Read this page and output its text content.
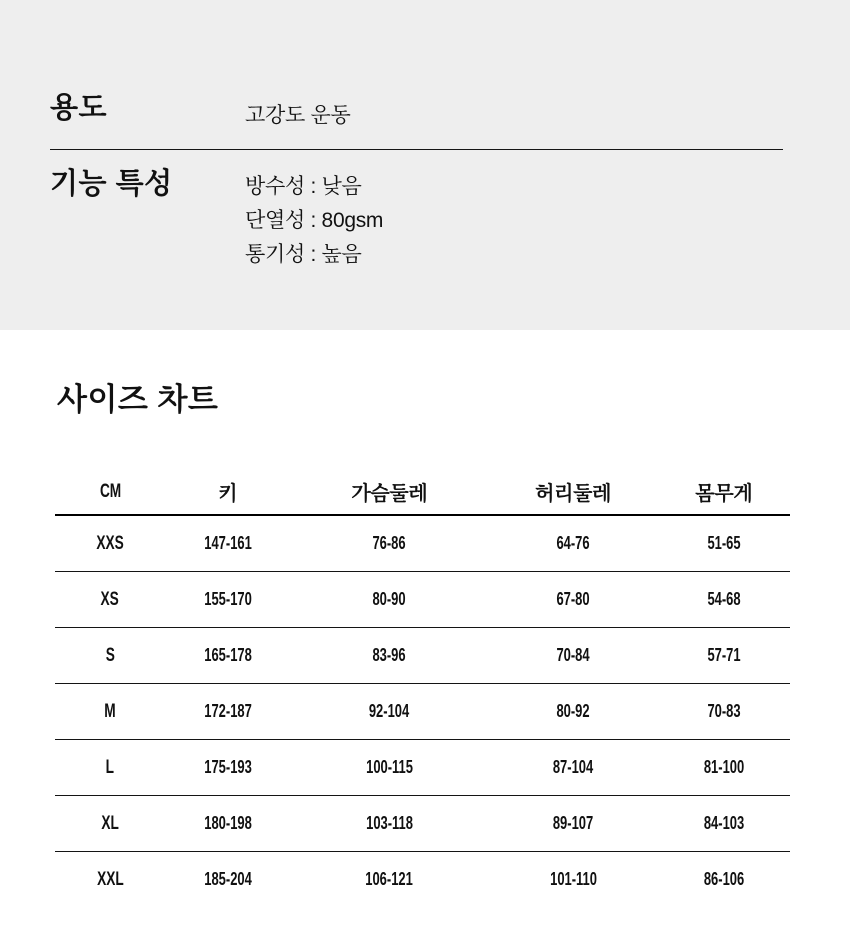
용도	고강도 운동
기능 특성	방수성 : 낮음
단열성 : 80gsm
통기성 : 높음
사이즈 차트
CM	키	가슴둘레	허리둘레	몸무게
XXS	147-161	76-86	64-76	51-65
XS	155-170	80-90	67-80	54-68
S	165-178	83-96	70-84	57-71
M	172-187	92-104	80-92	70-83
L	175-193	100-115	87-104	81-100
XL	180-198	103-118	89-107	84-103
XXL	185-204	106-121	101-110	86-106
